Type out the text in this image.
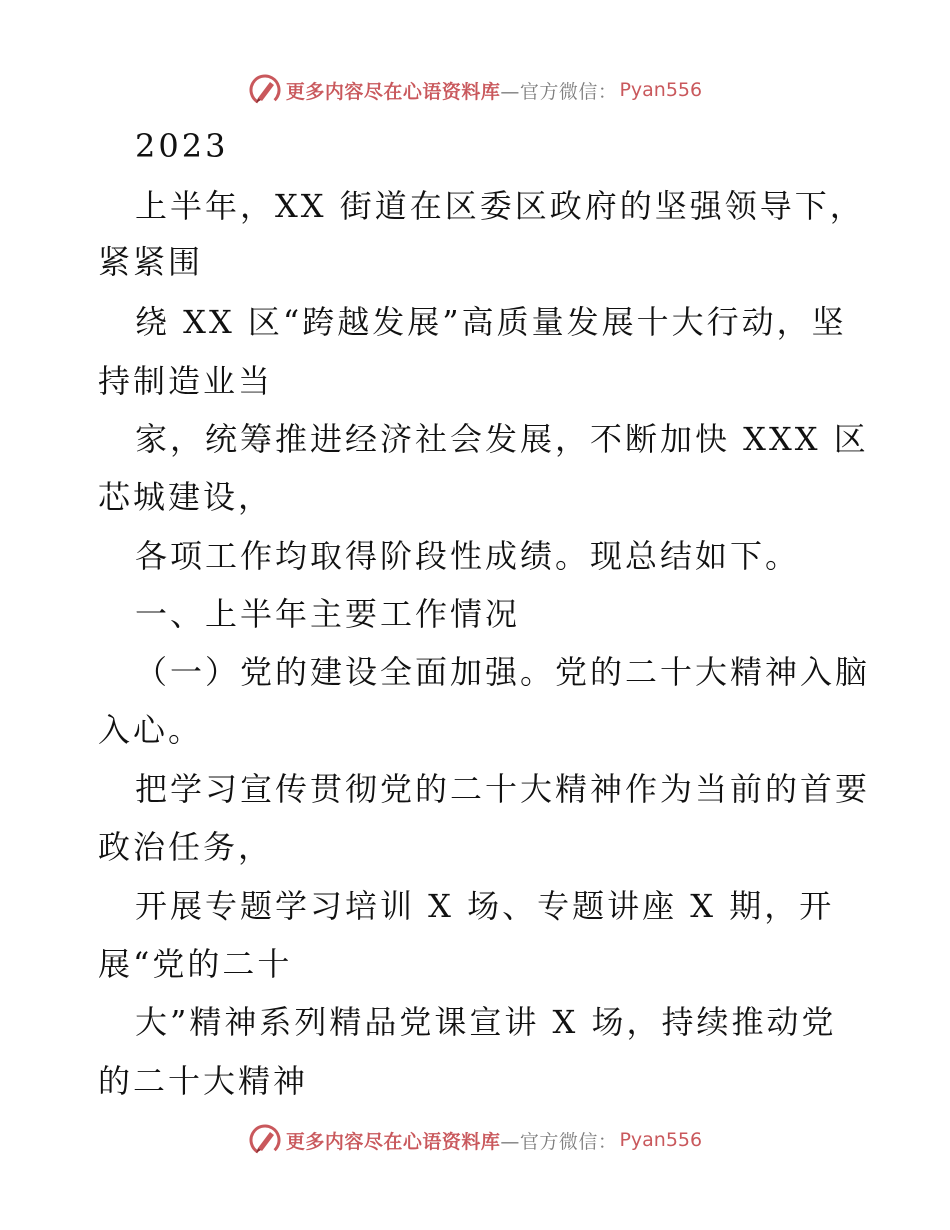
更多内容尽在心语资料库 —官方微信： Pyan556
2023
上半年，XX 街道在区委区政府的坚强领导下，
紧紧围
绕 XX 区“跨越发展”高质量发展十大行动，坚
持制造业当
家，统筹推进经济社会发展，不断加快 XXX 区
芯城建设，
各项工作均取得阶段性成绩。现总结如下。
一、上半年主要工作情况
（一）党的建设全面加强。党的二十大精神入脑
入心。
把学习宣传贯彻党的二十大精神作为当前的首要
政治任务，
开展专题学习培训 X 场、专题讲座 X 期，开
展“党的二十
大”精神系列精品党课宣讲 X 场，持续推动党
的二十大精神
更多内容尽在心语资料库 —官方微信： Pyan556
